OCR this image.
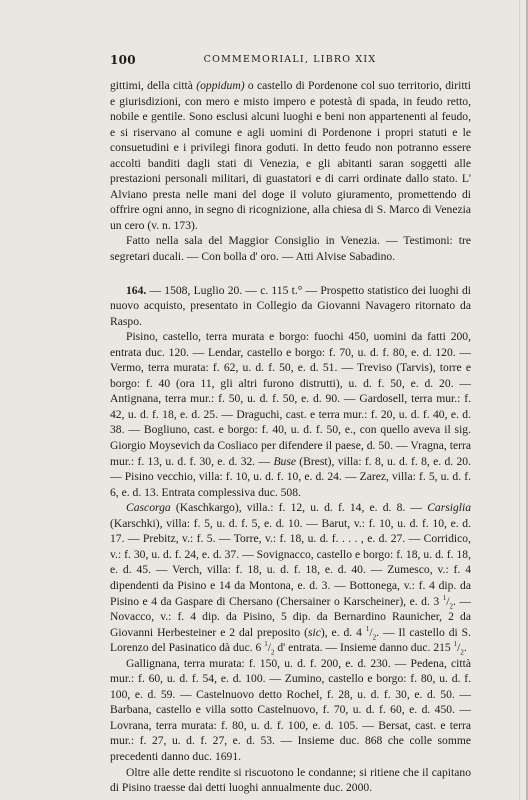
100	COMMEMORIALI, LIBRO XIX

gittimi, della città (oppidum) o castello di Pordenone col suo territorio, diritti e giurisdizioni, con mero e misto impero e potestà di spada, in feudo retto, nobile e gentile. Sono esclusi alcuni luoghi e beni non appartenenti al feudo, e si riservano al comune e agli uomini di Pordenone i propri statuti e le consuetudini e i privilegi finora goduti. In detto feudo non potranno essere accolti banditi dagli stati di Venezia, e gli abitanti saran soggetti alle prestazioni personali militari, di guastatori e di carri ordinate dallo stato. L' Alviano presta nelle mani del doge il voluto giuramento, promettendo di offrire ogni anno, in segno di ricognizione, alla chiesa di S. Marco di Venezia un cero (v. n. 173).

Fatto nella sala del Maggior Consiglio in Venezia. — Testimoni: tre segretari ducali. — Con bolla d' oro. — Atti Alvise Sabadino.

164. — 1508, Luglio 20. — c. 115 t.° — Prospetto statistico dei luoghi di nuovo acquisto, presentato in Collegio da Giovanni Navagero ritornato da Raspo.

Pisino, castello, terra murata e borgo: fuochi 450, uomini da fatti 200, entrata duc. 120. — Lendar, castello e borgo: f. 70, u. d. f. 80, e. d. 120. — Vermo, terra murata: f. 62, u. d. f. 50, e. d. 51. — Treviso (Tarvis), torre e borgo: f. 40 (ora 11, gli altri furono distrutti), u. d. f. 50, e. d. 20. — Antignana, terra mur.: f. 50, u. d. f. 50, e. d. 90. — Gardosell, terra mur.: f. 42, u. d. f. 18, e. d. 25. — Draguchi, cast. e terra mur.: f. 20, u. d. f. 40, e. d. 38. — Bogliuno, cast. e borgo: f. 40, u. d. f. 50, e., con quello aveva il sig. Giorgio Moysevich da Cosliaco per difendere il paese, d. 50. — Vragna, terra mur.: f. 13, u. d. f. 30, e. d. 32. — Buse (Brest), villa: f. 8, u. d. f. 8, e. d. 20. — Pisino vecchio, villa: f. 10, u. d. f. 10, e. d. 24. — Zarez, villa: f. 5, u. d. f. 6, e. d. 13. Entrata complessiva duc. 508.

Cascorga (Kaschkargo), villa.: f. 12, u. d. f. 14, e. d. 8. — Carsiglia (Karschki), villa: f. 5, u. d. f. 5, e. d. 10. — Barut, v.: f. 10, u. d. f. 10, e. d. 17. — Prebitz, v.: f. 5. — Torre, v.: f. 18, u. d. f. . . . , e. d. 27. — Corridico, v.: f. 30, u. d. f. 24, e. d. 37. — Sovignacco, castello e borgo: f. 18, u. d. f. 18, e. d. 45. — Verch, villa: f. 18, u. d. f. 18, e. d. 40. — Zumesco, v.: f. 4 dipendenti da Pisino e 14 da Montona, e. d. 3. — Bottonega, v.: f. 4 dip. da Pisino e 4 da Gaspare di Chersano (Chersainer o Karscheiner), e. d. 3 $^1/_2$. — Novacco, v.: f. 4 dip. da Pisino, 5 dip. da Bernardino Raunicher, 2 da Giovanni Herbesteiner e 2 dal preposito (sic), e. d. 4 $^1/_2$. — Il castello di S. Lorenzo del Pasinatico dà duc. 6 $^1/_2$ d' entrata. — Insieme danno duc. 215 $^1/_2$.

Gallignana, terra murata: f. 150, u. d. f. 200, e. d. 230. — Pedena, città mur.: f. 60, u. d. f. 54, e. d. 100. — Zumino, castello e borgo: f. 80, u. d. f. 100, e. d. 59. — Castelnuovo detto Rochel, f. 28, u. d. f. 30, e. d. 50. — Barbana, castello e villa sotto Castelnuovo, f. 70, u. d. f. 60, e. d. 450. — Lovrana, terra murata: f. 80, u. d. f. 100, e. d. 105. — Bersat, cast. e terra mur.: f. 27, u. d. f. 27, e. d. 53. — Insieme duc. 868 che colle somme precedenti danno duc. 1691.

Oltre alle dette rendite si riscuotono le condanne; si ritiene che il capitano di Pisino traesse dai detti luoghi annualmente duc. 2000.
